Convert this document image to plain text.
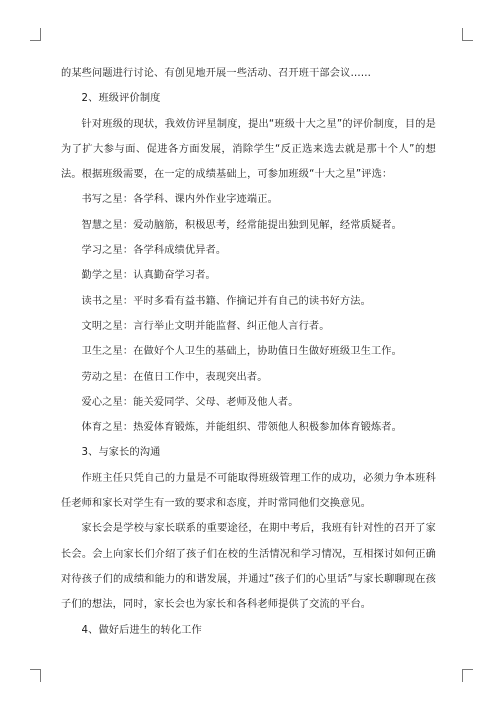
的某些问题进行讨论、有创见地开展一些活动、召开班干部会议……

2、班级评价制度

针对班级的现状，我效仿评星制度，提出“班级十大之星”的评价制度，目的是为了扩大参与面、促进各方面发展，消除学生“反正选来选去就是那十个人”的想法。根据班级需要，在一定的成绩基础上，可参加班级“十大之星”评选：

书写之星：各学科、课内外作业字迹端正。

智慧之星：爱动脑筋，积极思考，经常能提出独到见解，经常质疑者。

学习之星：各学科成绩优异者。

勤学之星：认真勤奋学习者。

读书之星：平时多看有益书籍、作摘记并有自己的读书好方法。

文明之星：言行举止文明并能监督、纠正他人言行者。

卫生之星：在做好个人卫生的基础上，协助值日生做好班级卫生工作。

劳动之星：在值日工作中，表现突出者。

爱心之星：能关爱同学、父母、老师及他人者。

体育之星：热爱体育锻炼，并能组织、带领他人积极参加体育锻炼者。

3、与家长的沟通

作班主任只凭自己的力量是不可能取得班级管理工作的成功，必须力争本班科任老师和家长对学生有一致的要求和态度，并时常同他们交换意见。

家长会是学校与家长联系的重要途径，在期中考后，我班有针对性的召开了家长会。会上向家长们介绍了孩子们在校的生活情况和学习情况，互相探讨如何正确对待孩子们的成绩和能力的和谐发展，并通过“孩子们的心里话”与家长聊聊现在孩子们的想法，同时，家长会也为家长和各科老师提供了交流的平台。

4、做好后进生的转化工作
